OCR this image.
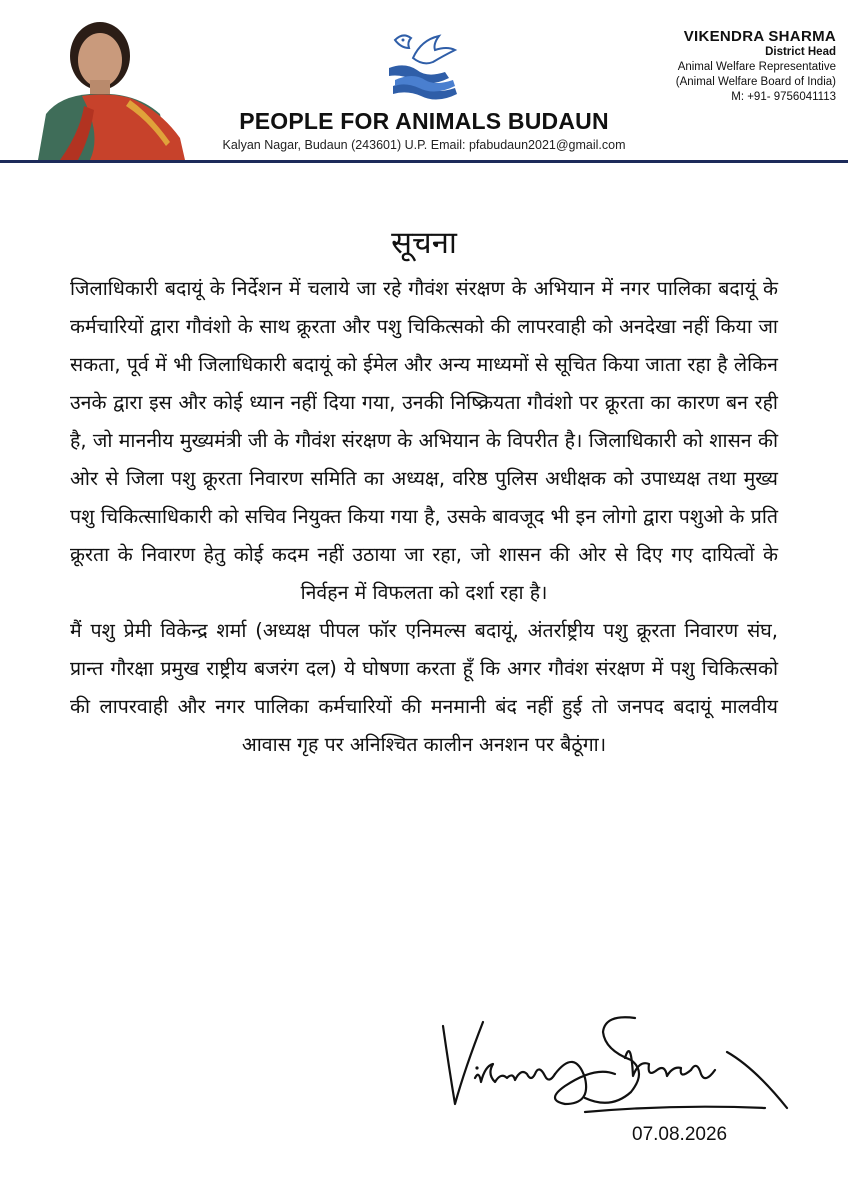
PEOPLE FOR ANIMALS BUDAUN
Kalyan Nagar, Budaun (243601) U.P. Email: pfabudaun2021@gmail.com
VIKENDRA SHARMA
District Head
Animal Welfare Representative
(Animal Welfare Board of India)
M: +91- 9756041113
सूचना

जिलाधिकारी बदायूं के निर्देशन में चलाये जा रहे गौवंश संरक्षण के अभियान में नगर पालिका बदायूं के कर्मचारियों द्वारा गौवंशो के साथ क्रूरता और पशु चिकित्सको की लापरवाही को अनदेखा नहीं किया जा सकता, पूर्व में भी जिलाधिकारी बदायूं को ईमेल और अन्य माध्यमों से सूचित किया जाता रहा है लेकिन उनके द्वारा इस और कोई ध्यान नहीं दिया गया, उनकी निष्क्रियता गौवंशो पर क्रूरता का कारण बन रही है, जो माननीय मुख्यमंत्री जी के गौवंश संरक्षण के अभियान के विपरीत है। जिलाधिकारी को शासन की ओर से जिला पशु क्रूरता निवारण समिति का अध्यक्ष, वरिष्ठ पुलिस अधीक्षक को उपाध्यक्ष तथा मुख्य पशु चिकित्साधिकारी को सचिव नियुक्त किया गया है, उसके बावजूद भी इन लोगो द्वारा पशुओ के प्रति क्रूरता के निवारण हेतु कोई कदम नहीं उठाया जा रहा, जो शासन की ओर से दिए गए दायित्वों के निर्वहन में विफलता को दर्शा रहा है।

मैं पशु प्रेमी विकेन्द्र शर्मा (अध्यक्ष पीपल फॉर एनिमल्स बदायूं, अंतर्राष्ट्रीय पशु क्रूरता निवारण संघ, प्रान्त गौरक्षा प्रमुख राष्ट्रीय बजरंग दल) ये घोषणा करता हूँ कि अगर गौवंश संरक्षण में पशु चिकित्सको की लापरवाही और नगर पालिका कर्मचारियों की मनमानी बंद नहीं हुई तो जनपद बदायूं मालवीय आवास गृह पर अनिश्चित कालीन अनशन पर बैठूंगा।

07.08.2026
